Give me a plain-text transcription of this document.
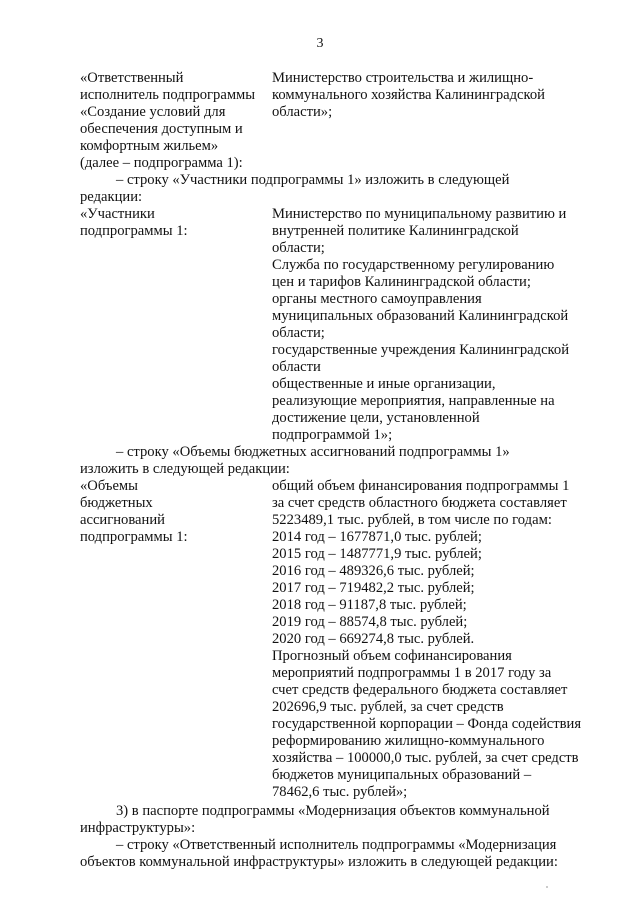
3
«Ответственный
исполнитель подпрограммы
«Создание условий для
обеспечения доступным и
комфортным жильем»
(далее – подпрограмма 1):
Министерство строительства и жилищно-
коммунального хозяйства Калининградской
области»;
– строку «Участники подпрограммы 1» изложить в следующей
редакции:
«Участники
подпрограммы 1:
Министерство по муниципальному развитию и
внутренней политике Калининградской
области;
Служба по государственному регулированию
цен и тарифов Калининградской области;
органы местного самоуправления
муниципальных образований Калининградской
области;
государственные учреждения Калининградской
области
общественные и иные организации,
реализующие мероприятия, направленные на
достижение цели, установленной
подпрограммой 1»;
– строку «Объемы бюджетных ассигнований подпрограммы 1»
изложить в следующей редакции:
«Объемы
бюджетных
ассигнований
подпрограммы 1:
общий объем финансирования подпрограммы 1
за счет средств областного бюджета составляет
5223489,1 тыс. рублей, в том числе по годам:
2014 год – 1677871,0 тыс. рублей;
2015 год – 1487771,9 тыс. рублей;
2016 год – 489326,6 тыс. рублей;
2017 год – 719482,2 тыс. рублей;
2018 год – 91187,8 тыс. рублей;
2019 год – 88574,8 тыс. рублей;
2020 год – 669274,8 тыс. рублей.
Прогнозный объем софинансирования
мероприятий подпрограммы 1 в 2017 году за
счет средств федерального бюджета составляет
202696,9 тыс. рублей, за счет средств
государственной корпорации – Фонда содействия
реформированию жилищно-коммунального
хозяйства – 100000,0 тыс. рублей, за счет средств
бюджетов муниципальных образований –
78462,6 тыс. рублей»;
3) в паспорте подпрограммы «Модернизация объектов коммунальной
инфраструктуры»:
– строку «Ответственный исполнитель подпрограммы «Модернизация
объектов коммунальной инфраструктуры» изложить в следующей редакции:
